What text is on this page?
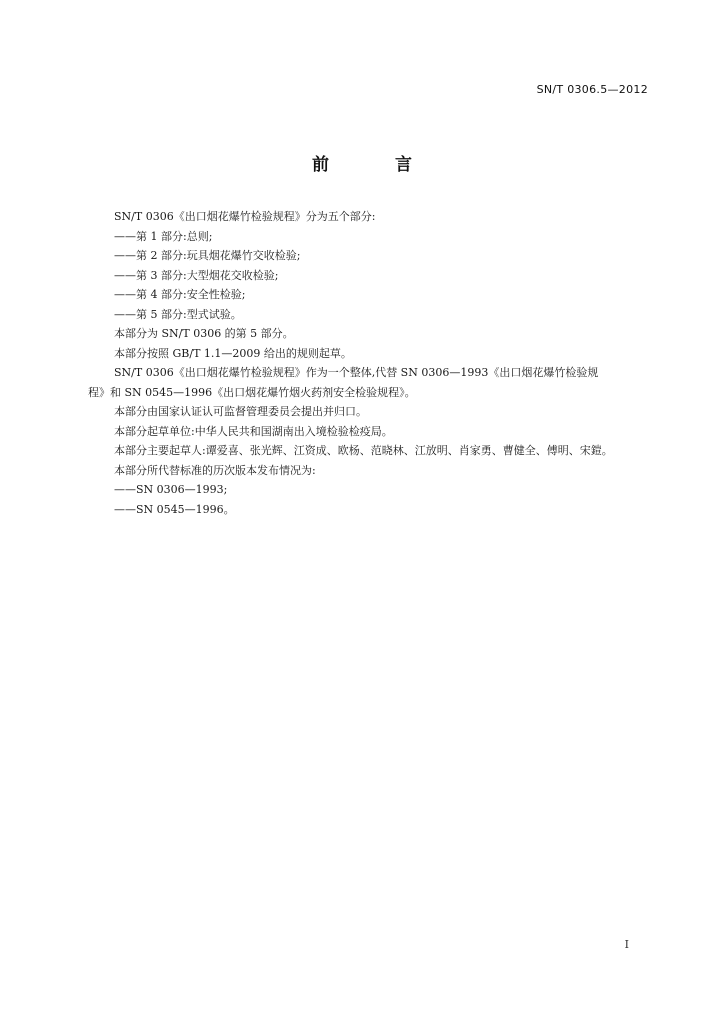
SN/T 0306.5—2012
前 言

SN/T 0306《出口烟花爆竹检验规程》分为五个部分:

——第 1 部分:总则;

——第 2 部分:玩具烟花爆竹交收检验;

——第 3 部分:大型烟花交收检验;

——第 4 部分:安全性检验;

——第 5 部分:型式试验。

本部分为 SN/T 0306 的第 5 部分。

本部分按照 GB/T 1.1—2009 给出的规则起草。

SN/T 0306《出口烟花爆竹检验规程》作为一个整体,代替 SN 0306—1993《出口烟花爆竹检验规

程》和 SN 0545—1996《出口烟花爆竹烟火药剂安全检验规程》。

本部分由国家认证认可监督管理委员会提出并归口。

本部分起草单位:中华人民共和国湖南出入境检验检疫局。

本部分主要起草人:谭爱喜、张光辉、江资成、欧杨、范晓林、江放明、肖家勇、曹健全、傅明、宋鎧。

本部分所代替标准的历次版本发布情况为:

——SN 0306—1993;

——SN 0545—1996。

I
